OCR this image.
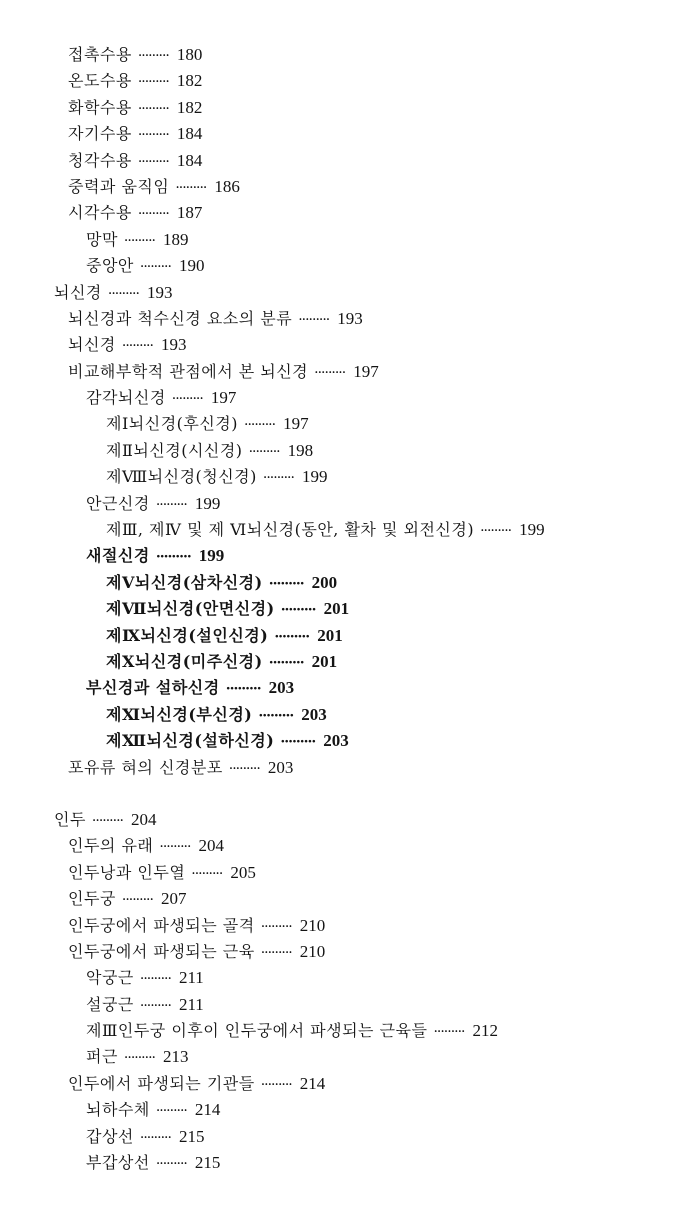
접촉수용 ········· 180
온도수용 ········· 182
화학수용 ········· 182
자기수용 ········· 184
청각수용 ········· 184
중력과 움직임 ········· 186
시각수용 ········· 187
망막 ········· 189
중앙안 ········· 190
뇌신경 ········· 193
뇌신경과 척수신경 요소의 분류 ········· 193
뇌신경 ········· 193
비교해부학적 관점에서 본 뇌신경 ········· 197
감각뇌신경 ········· 197
제Ⅰ뇌신경(후신경) ········· 197
제Ⅱ뇌신경(시신경) ········· 198
제Ⅷ뇌신경(청신경) ········· 199
안근신경 ········· 199
제Ⅲ, 제Ⅳ 및 제 Ⅵ뇌신경(동안, 활차 및 외전신경) ········· 199
새절신경 ········· 199
제Ⅴ뇌신경(삼차신경) ········· 200
제Ⅶ뇌신경(안면신경) ········· 201
제Ⅸ뇌신경(설인신경) ········· 201
제Ⅹ뇌신경(미주신경) ········· 201
부신경과 설하신경 ········· 203
제Ⅺ뇌신경(부신경) ········· 203
제Ⅻ뇌신경(설하신경) ········· 203
포유류 혀의 신경분포 ········· 203
인두 ········· 204
인두의 유래 ········· 204
인두낭과 인두열 ········· 205
인두궁 ········· 207
인두궁에서 파생되는 골격 ········· 210
인두궁에서 파생되는 근육 ········· 210
악궁근 ········· 211
설궁근 ········· 211
제Ⅲ인두궁 이후이 인두궁에서 파생되는 근육들 ········· 212
퍼근 ········· 213
인두에서 파생되는 기관들 ········· 214
뇌하수체 ········· 214
갑상선 ········· 215
부갑상선 ········· 215
